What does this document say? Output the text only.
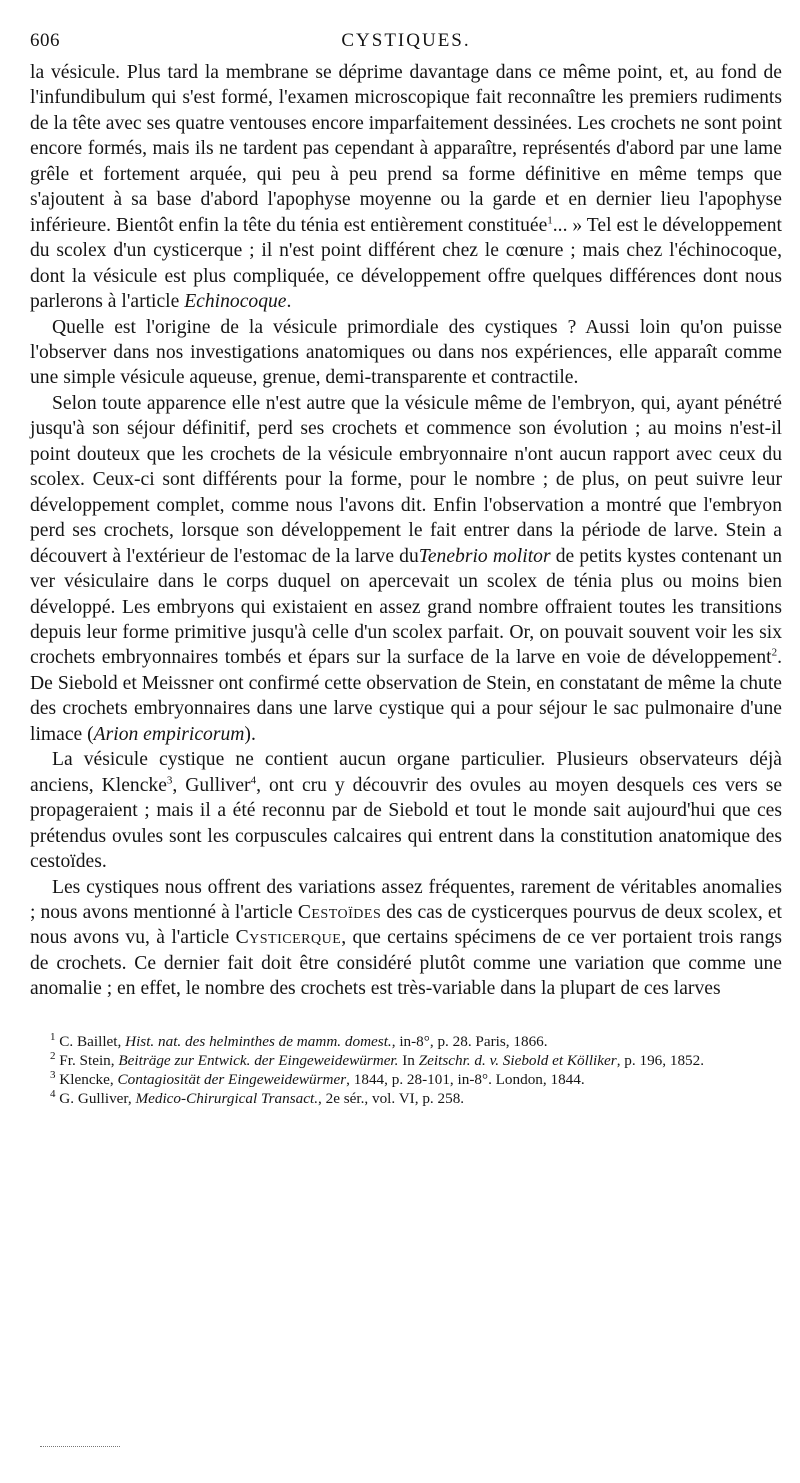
606	CYSTIQUES.

la vésicule. Plus tard la membrane se déprime davantage dans ce même point, et, au fond de l'infundibulum qui s'est formé, l'examen microscopique fait reconnaître les premiers rudiments de la tête avec ses quatre ventouses encore imparfaitement dessinées. Les crochets ne sont point encore formés, mais ils ne tardent pas cependant à apparaître, représentés d'abord par une lame grêle et fortement arquée, qui peu à peu prend sa forme définitive en même temps que s'ajoutent à sa base d'abord l'apophyse moyenne ou la garde et en dernier lieu l'apophyse inférieure. Bientôt enfin la tête du ténia est entièrement constituée$^1$... » Tel est le développement du scolex d'un cysticerque ; il n'est point différent chez le cœnure ; mais chez l'échinocoque, dont la vésicule est plus compliquée, ce développement offre quelques différences dont nous parlerons à l'article Echinocoque.

Quelle est l'origine de la vésicule primordiale des cystiques ? Aussi loin qu'on puisse l'observer dans nos investigations anatomiques ou dans nos expériences, elle apparaît comme une simple vésicule aqueuse, grenue, demi-transparente et contractile.

Selon toute apparence elle n'est autre que la vésicule même de l'embryon, qui, ayant pénétré jusqu'à son séjour définitif, perd ses crochets et commence son évolution ; au moins n'est-il point douteux que les crochets de la vésicule embryonnaire n'ont aucun rapport avec ceux du scolex. Ceux-ci sont différents pour la forme, pour le nombre ; de plus, on peut suivre leur développement complet, comme nous l'avons dit. Enfin l'observation a montré que l'embryon perd ses crochets, lorsque son développement le fait entrer dans la période de larve. Stein a découvert à l'extérieur de l'estomac de la larve duTenebrio molitor de petits kystes contenant un ver vésiculaire dans le corps duquel on apercevait un scolex de ténia plus ou moins bien développé. Les embryons qui existaient en assez grand nombre offraient toutes les transitions depuis leur forme primitive jusqu'à celle d'un scolex parfait. Or, on pouvait souvent voir les six crochets embryonnaires tombés et épars sur la surface de la larve en voie de développement$^2$. De Siebold et Meissner ont confirmé cette observation de Stein, en constatant de même la chute des crochets embryonnaires dans une larve cystique qui a pour séjour le sac pulmonaire d'une limace (Arion empiricorum).

La vésicule cystique ne contient aucun organe particulier. Plusieurs observateurs déjà anciens, Klencke$^3$, Gulliver$^4$, ont cru y découvrir des ovules au moyen desquels ces vers se propageraient ; mais il a été reconnu par de Siebold et tout le monde sait aujourd'hui que ces prétendus ovules sont les corpuscules calcaires qui entrent dans la constitution anatomique des cestoïdes.

Les cystiques nous offrent des variations assez fréquentes, rarement de véritables anomalies ; nous avons mentionné à l'article Cestoïdes des cas de cysticerques pourvus de deux scolex, et nous avons vu, à l'article Cysticerque, que certains spécimens de ce ver portaient trois rangs de crochets. Ce dernier fait doit être considéré plutôt comme une variation que comme une anomalie ; en effet, le nombre des crochets est très-variable dans la plupart de ces larves

$^1$ C. Baillet, Hist. nat. des helminthes de mamm. domest., in-8°, p. 28. Paris, 1866.

$^2$ Fr. Stein, Beiträge zur Entwick. der Eingeweidewürmer. In Zeitschr. d. v. Siebold et Kölliker, p. 196, 1852.

$^3$ Klencke, Contagiosität der Eingeweidewürmer, 1844, p. 28-101, in-8°. London, 1844.

$^4$ G. Gulliver, Medico-Chirurgical Transact., 2e sér., vol. VI, p. 258.
